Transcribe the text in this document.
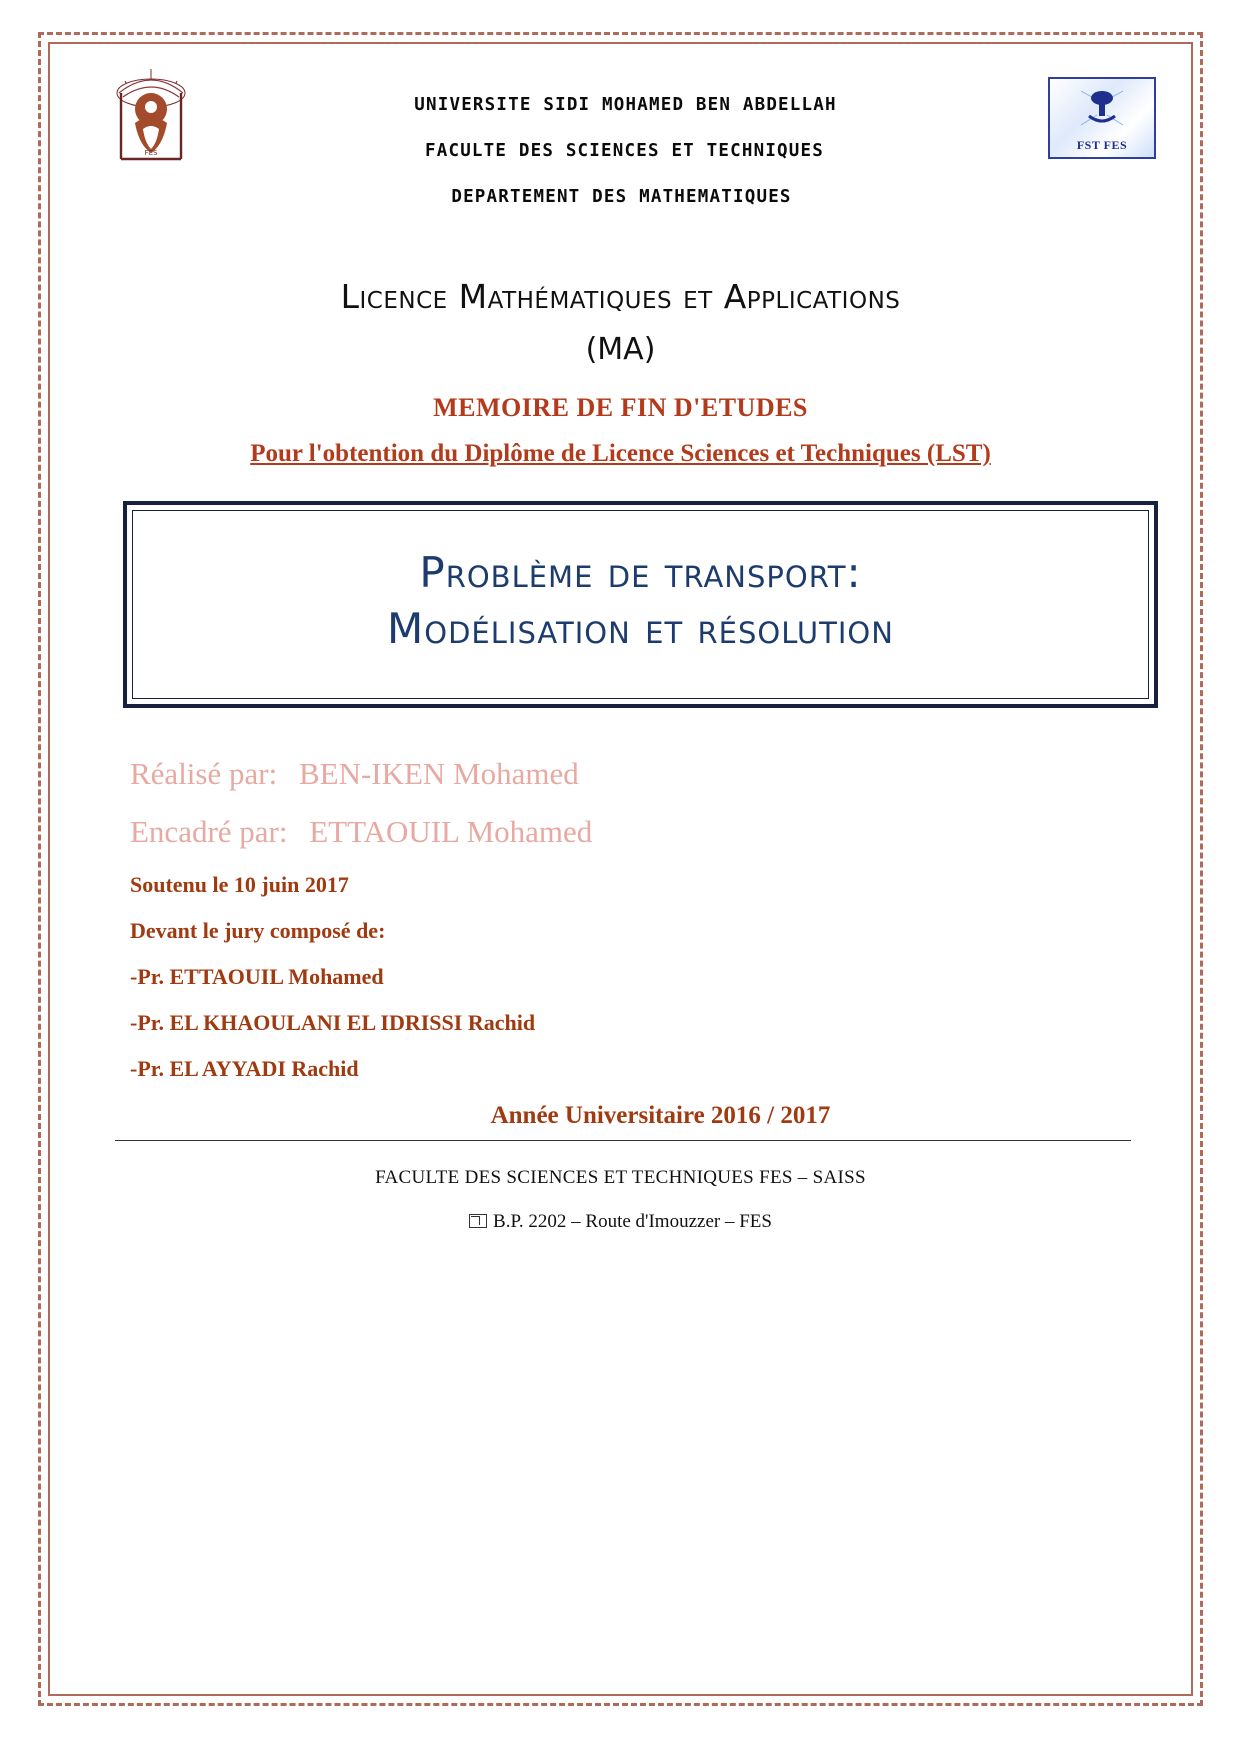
FES
FST FES
UNIVERSITE SIDI MOHAMED BEN ABDELLAH
FACULTE DES SCIENCES ET TECHNIQUES
DEPARTEMENT DES MATHEMATIQUES
Licence Mathématiques et Applications
(MA)
MEMOIRE DE FIN D'ETUDES
Pour l'obtention du Diplôme de Licence Sciences et Techniques (LST)
Problème de transport:
Modélisation et résolution
Réalisé par: BEN-IKEN Mohamed
Encadré par: ETTAOUIL Mohamed
Soutenu le 10 juin 2017
Devant le jury composé de:
-Pr. ETTAOUIL Mohamed
-Pr. EL KHAOULANI EL IDRISSI Rachid
-Pr. EL AYYADI Rachid
Année Universitaire 2016 / 2017
FACULTE DES SCIENCES ET TECHNIQUES FES – SAISS
B.P. 2202 – Route d'Imouzzer – FES
